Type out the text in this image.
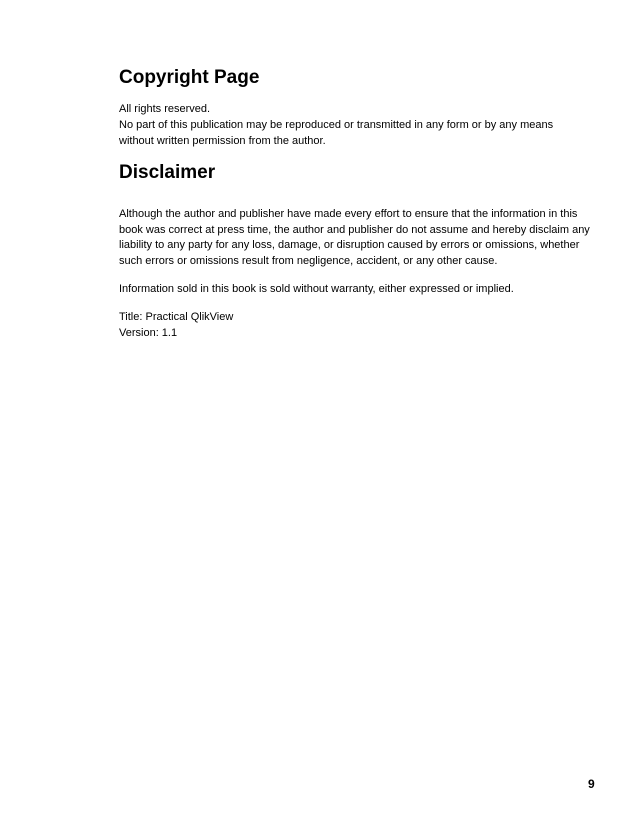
Copyright Page

All rights reserved.

No part of this publication may be reproduced or transmitted in any form or by any means

without written permission from the author.

Disclaimer

Although the author and publisher have made every effort to ensure that the information in this

book was correct at press time, the author and publisher do not assume and hereby disclaim any

liability to any party for any loss, damage, or disruption caused by errors or omissions, whether

such errors or omissions result from negligence, accident, or any other cause.

Information sold in this book is sold without warranty, either expressed or implied.

Title: Practical QlikView

Version: 1.1

9
